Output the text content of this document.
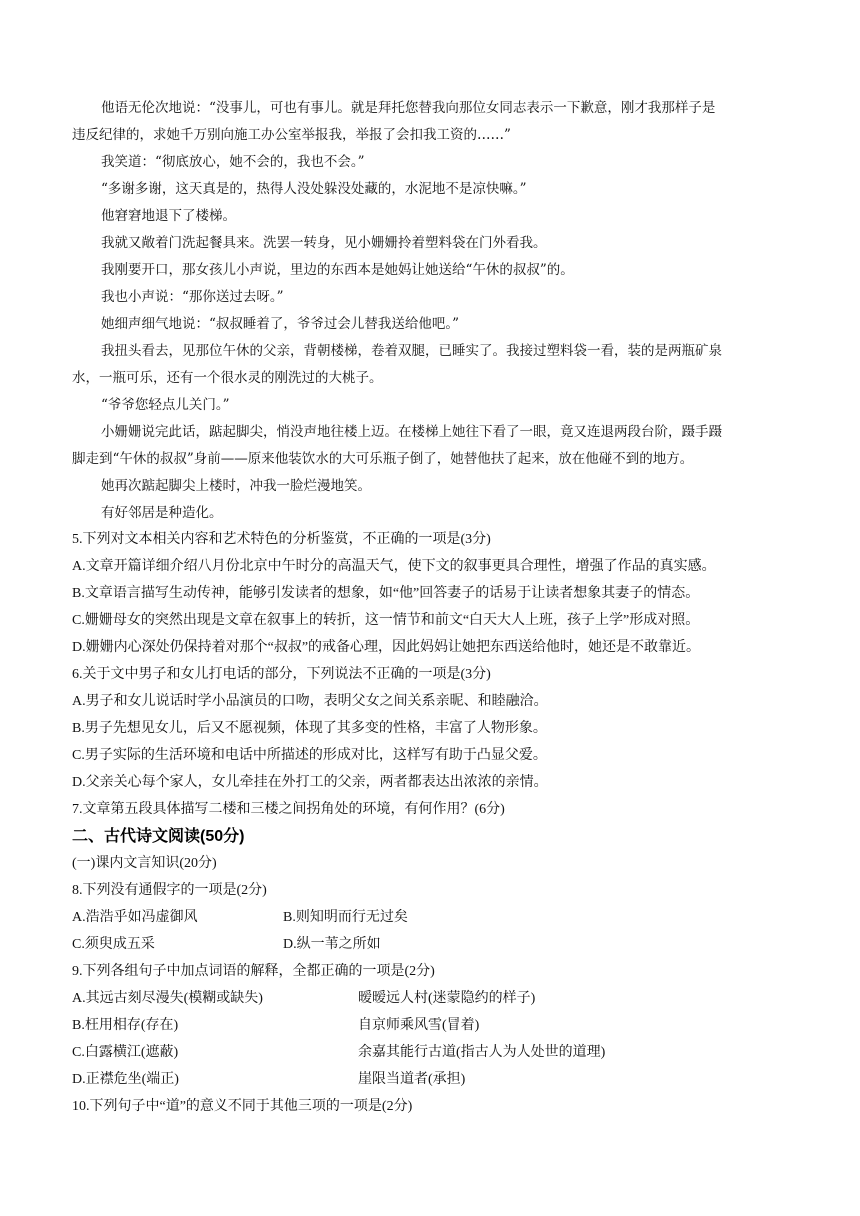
他语无伦次地说：“没事儿，可也有事儿。就是拜托您替我向那位女同志表示一下歉意，刚才我那样子是

违反纪律的，求她千万别向施工办公室举报我，举报了会扣我工资的……”

我笑道：“彻底放心，她不会的，我也不会。”

“多谢多谢，这天真是的，热得人没处躲没处藏的，水泥地不是凉快嘛。”

他窘窘地退下了楼梯。

我就又敞着门洗起餐具来。洗罢一转身，见小姗姗拎着塑料袋在门外看我。

我刚要开口，那女孩儿小声说，里边的东西本是她妈让她送给“午休的叔叔”的。

我也小声说：“那你送过去呀。”

她细声细气地说：“叔叔睡着了，爷爷过会儿替我送给他吧。”

我扭头看去，见那位午休的父亲，背朝楼梯，卷着双腿，已睡实了。我接过塑料袋一看，装的是两瓶矿泉

水，一瓶可乐，还有一个很水灵的刚洗过的大桃子。

“爷爷您轻点儿关门。”

小姗姗说完此话，踮起脚尖，悄没声地往楼上迈。在楼梯上她往下看了一眼，竟又连退两段台阶，蹑手蹑

脚走到“午休的叔叔”身前——原来他装饮水的大可乐瓶子倒了，她替他扶了起来，放在他碰不到的地方。

她再次踮起脚尖上楼时，冲我一脸烂漫地笑。

有好邻居是种造化。

5.下列对文本相关内容和艺术特色的分析鉴赏，不正确的一项是(3分)

A.文章开篇详细介绍八月份北京中午时分的高温天气，使下文的叙事更具合理性，增强了作品的真实感。

B.文章语言描写生动传神，能够引发读者的想象，如“他”回答妻子的话易于让读者想象其妻子的情态。

C.姗姗母女的突然出现是文章在叙事上的转折，这一情节和前文“白天大人上班，孩子上学”形成对照。

D.姗姗内心深处仍保持着对那个“叔叔”的戒备心理，因此妈妈让她把东西送给他时，她还是不敢靠近。

6.关于文中男子和女儿打电话的部分，下列说法不正确的一项是(3分)

A.男子和女儿说话时学小品演员的口吻，表明父女之间关系亲昵、和睦融洽。

B.男子先想见女儿，后又不愿视频，体现了其多变的性格，丰富了人物形象。

C.男子实际的生活环境和电话中所描述的形成对比，这样写有助于凸显父爱。

D.父亲关心每个家人，女儿牵挂在外打工的父亲，两者都表达出浓浓的亲情。

7.文章第五段具体描写二楼和三楼之间拐角处的环境，有何作用？(6分)

二、古代诗文阅读(50分)

(一)课内文言知识(20分)

8.下列没有通假字的一项是(2分)

A.浩浩乎如冯虚御风	B.则知明而行无过矣

C.须臾成五采	D.纵一苇之所如

9.下列各组句子中加点词语的解释，全都正确的一项是(2分)

A.其远古刻尽漫失(模糊或缺失)	暧暧远人村(迷蒙隐约的样子)

B.枉用相存(存在)	自京师乘风雪(冒着)

C.白露横江(遮蔽)	余嘉其能行古道(指古人为人处世的道理)

D.正襟危坐(端正)	崖限当道者(承担)

10.下列句子中“道”的意义不同于其他三项的一项是(2分)
